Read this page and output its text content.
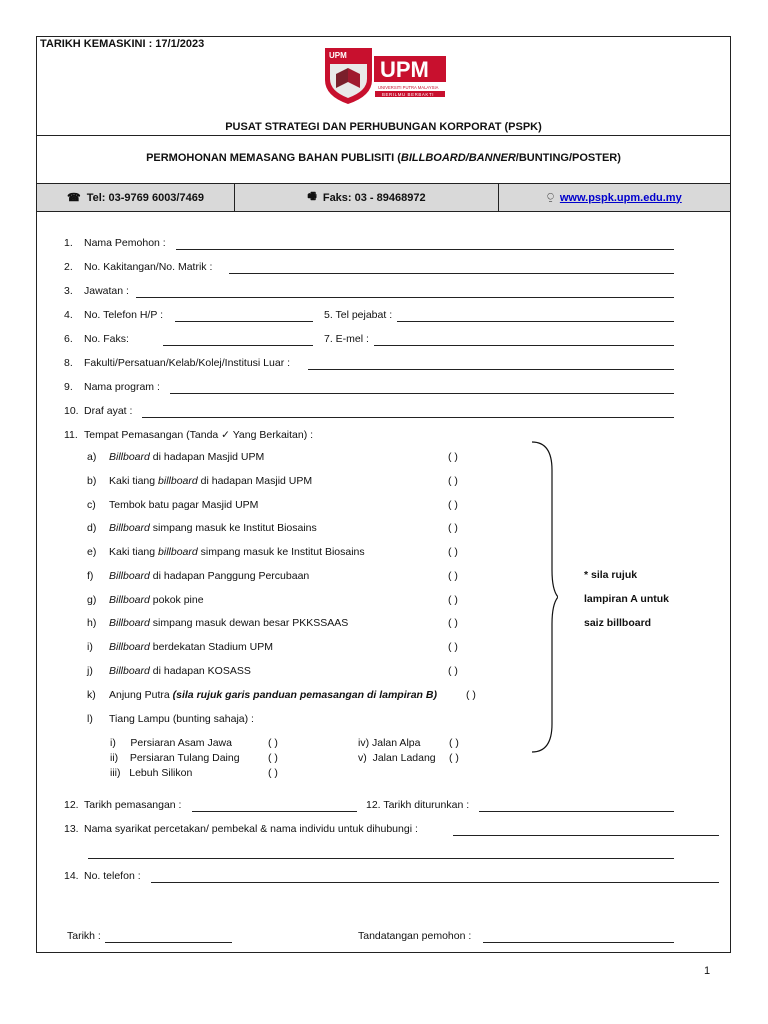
TARIKH KEMASKINI : 17/1/2023
UPM
UPM
UNIVERSITI PUTRA MALAYSIA
BERILMU BERBAKTI
PUSAT STRATEGI DAN PERHUBUNGAN KORPORAT (PSPK)
PERMOHONAN MEMASANG BAHAN PUBLISITI (BILLBOARD/BANNER/BUNTING/POSTER)
☎ Tel: 03-9769 6003/7469	🖷 Faks: 03 - 89468972	⍜ www.pspk.upm.edu.my
1. Nama Pemohon :
2. No. Kakitangan/No. Matrik :
3. Jawatan :
4. No. Telefon H/P :	5. Tel pejabat :
6. No. Faks:	7. E-mel :
8. Fakulti/Persatuan/Kelab/Kolej/Institusi Luar :
9. Nama program :
10. Draf ayat :
11. Tempat Pemasangan (Tanda ✓ Yang Berkaitan) :
a) Billboard di hadapan Masjid UPM	( )
b) Kaki tiang billboard di hadapan Masjid UPM	( )
c) Tembok batu pagar Masjid UPM	( )
d) Billboard simpang masuk ke Institut Biosains	( )
e) Kaki tiang billboard simpang masuk ke Institut Biosains	( )
f) Billboard di hadapan Panggung Percubaan	( )
g) Billboard pokok pine	( )
h) Billboard simpang masuk dewan besar PKKSSAAS	( )
i) Billboard berdekatan Stadium UPM	( )
j) Billboard di hadapan KOSASS	( )
k) Anjung Putra (sila rujuk garis panduan pemasangan di lampiran B)	( )
l) Tiang Lampu (bunting sahaja) :
i)     Persiaran Asam Jawa	( )
ii)    Persiaran Tulang Daing	( )
iii)   Lebuh Silikon	( )
iv) Jalan Alpa	( )
v)  Jalan Ladang ( )
* sila rujuk
lampiran A untuk
saiz billboard
12. Tarikh pemasangan :	12. Tarikh diturunkan :
13. Nama syarikat percetakan/ pembekal & nama individu untuk dihubungi :
14. No. telefon :
Tarikh :	Tandatangan pemohon :
1
